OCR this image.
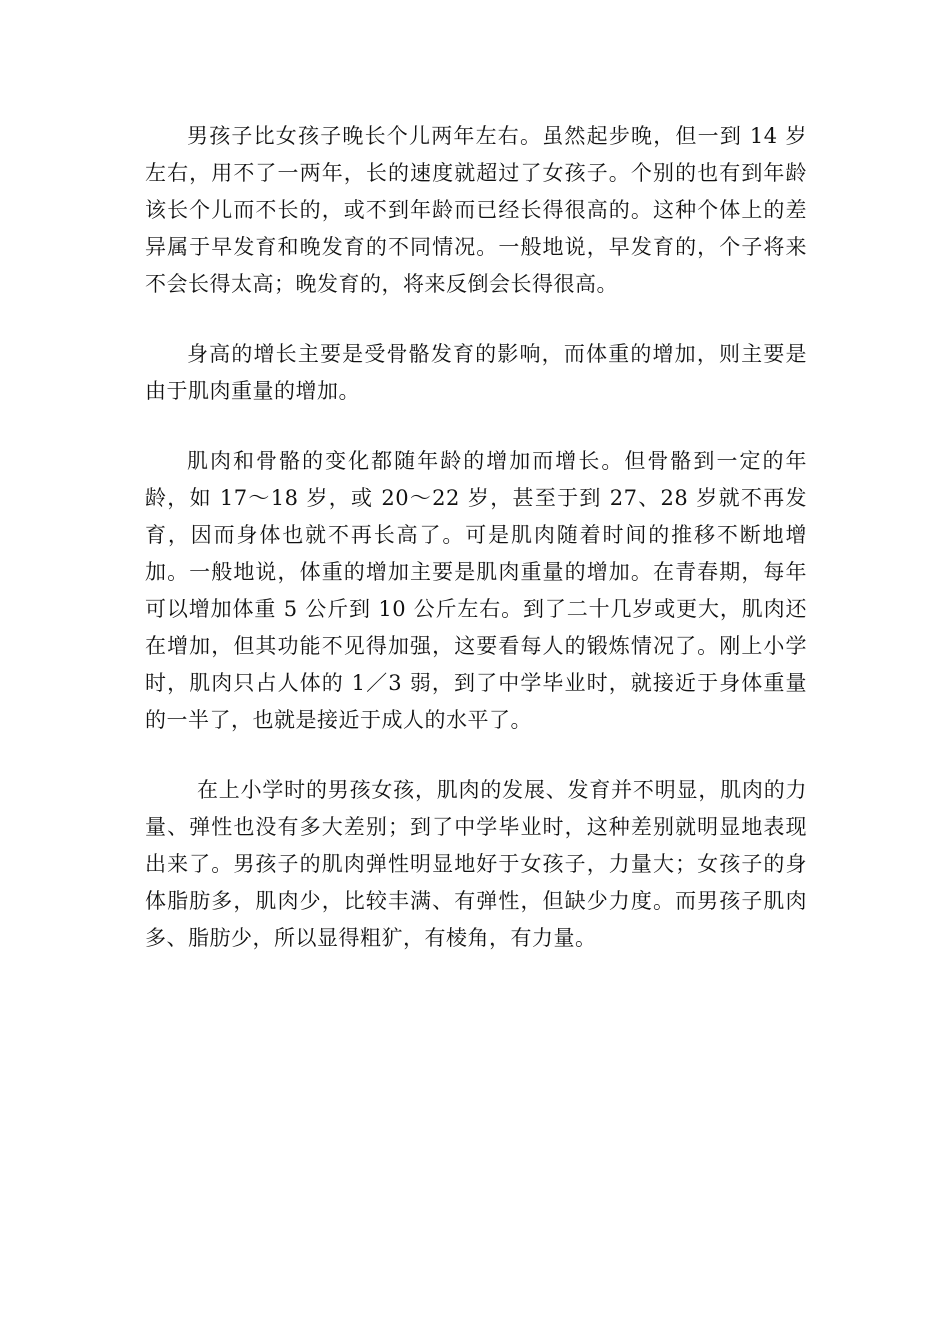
男孩子比女孩子晚长个儿两年左右。虽然起步晚，但一到 14 岁左右，用不了一两年，长的速度就超过了女孩子。个别的也有到年龄该长个儿而不长的，或不到年龄而已经长得很高的。这种个体上的差异属于早发育和晚发育的不同情况。一般地说，早发育的，个子将来不会长得太高；晚发育的，将来反倒会长得很高。

身高的增长主要是受骨骼发育的影响，而体重的增加，则主要是由于肌肉重量的增加。

肌肉和骨骼的变化都随年龄的增加而增长。但骨骼到一定的年龄，如 17～18 岁，或 20～22 岁，甚至于到 27、28 岁就不再发育，因而身体也就不再长高了。可是肌肉随着时间的推移不断地增加。一般地说，体重的增加主要是肌肉重量的增加。在青春期，每年可以增加体重 5 公斤到 10 公斤左右。到了二十几岁或更大，肌肉还在增加，但其功能不见得加强，这要看每人的锻炼情况了。刚上小学时，肌肉只占人体的 1／3 弱，到了中学毕业时，就接近于身体重量的一半了，也就是接近于成人的水平了。

在上小学时的男孩女孩，肌肉的发展、发育并不明显，肌肉的力量、弹性也没有多大差别；到了中学毕业时，这种差别就明显地表现出来了。男孩子的肌肉弹性明显地好于女孩子，力量大；女孩子的身体脂肪多，肌肉少，比较丰满、有弹性，但缺少力度。而男孩子肌肉多、脂肪少，所以显得粗犷，有棱角，有力量。
